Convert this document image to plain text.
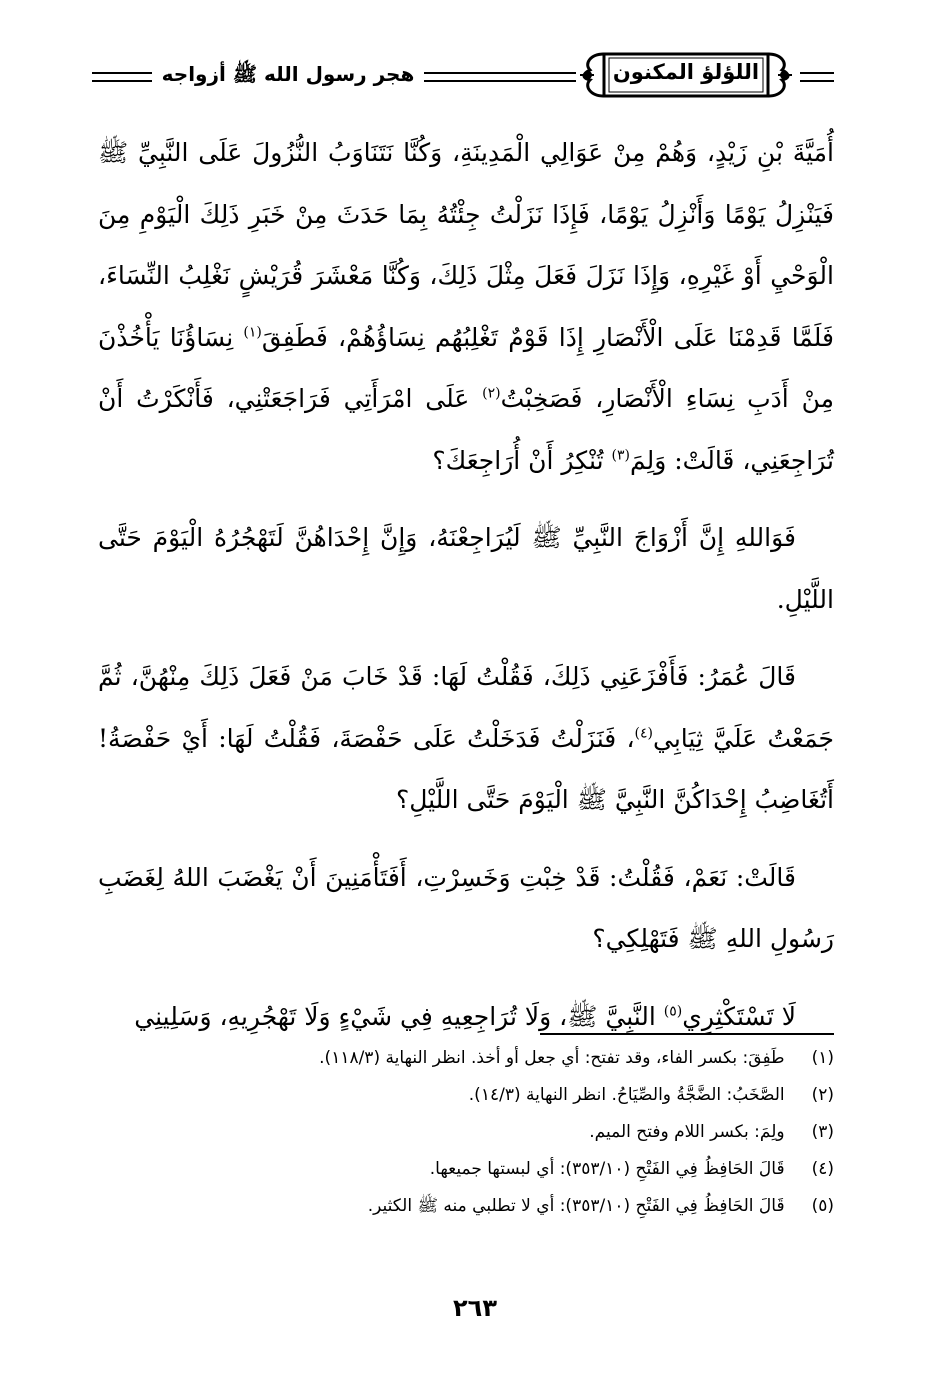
هجر رسول الله ﷺ أزواجه	اللؤلؤ المكنون

أُمَيَّةَ بْنِ زَيْدٍ، وَهُمْ مِنْ عَوَالِي الْمَدِينَةِ، وَكُنَّا نَتَنَاوَبُ النُّزُولَ عَلَى النَّبِيِّ ﷺ فَيَنْزِلُ يَوْمًا وَأَنْزِلُ يَوْمًا، فَإِذَا نَزَلْتُ جِئْتُهُ بِمَا حَدَثَ مِنْ خَبَرِ ذَلِكَ الْيَوْمِ مِنَ الْوَحْيِ أَوْ غَيْرِهِ، وَإِذَا نَزَلَ فَعَلَ مِثْلَ ذَلِكَ، وَكُنَّا مَعْشَرَ قُرَيْشٍ نَغْلِبُ النِّسَاءَ، فَلَمَّا قَدِمْنَا عَلَى الْأَنْصَارِ إِذَا قَوْمٌ تَغْلِبُهُم نِسَاؤُهُمْ، فَطَفِقَ$^{(١)}$ نِسَاؤُنَا يَأْخُذْنَ مِنْ أَدَبِ نِسَاءِ الْأَنْصَارِ، فَصَخِبْتُ$^{(٢)}$ عَلَى امْرَأَتِي فَرَاجَعَتْنِي، فَأَنْكَرْتُ أَنْ تُرَاجِعَنِي، قَالَتْ: وَلِمَ$^{(٣)}$ تُنْكِرُ أَنْ أُرَاجِعَكَ؟

فَوَاللهِ إِنَّ أَزْوَاجَ النَّبِيِّ ﷺ لَيُرَاجِعْنَهُ، وَإِنَّ إِحْدَاهُنَّ لَتَهْجُرُهُ الْيَوْمَ حَتَّى اللَّيْلِ.

قَالَ عُمَرُ: فَأَفْزَعَنِي ذَلِكَ، فَقُلْتُ لَهَا: قَدْ خَابَ مَنْ فَعَلَ ذَلِكَ مِنْهُنَّ، ثُمَّ جَمَعْتُ عَلَيَّ ثِيَابِي$^{(٤)}$، فَنَزَلْتُ فَدَخَلْتُ عَلَى حَفْصَةَ، فَقُلْتُ لَهَا: أَيْ حَفْصَةُ! أَتُغَاضِبُ إِحْدَاكُنَّ النَّبِيَّ ﷺ الْيَوْمَ حَتَّى اللَّيْلِ؟

قَالَتْ: نَعَمْ، فَقُلْتُ: قَدْ خِبْتِ وَخَسِرْتِ، أَفَتَأْمَنِينَ أَنْ يَغْضَبَ اللهُ لِغَضَبِ رَسُولِ اللهِ ﷺ فَتَهْلِكِي؟

لَا تَسْتَكْثِرِي$^{(٥)}$ النَّبِيَّ ﷺ، وَلَا تُرَاجِعِيهِ فِي شَيْءٍ وَلَا تَهْجُرِيهِ، وَسَلِينِي

(١) طَفِقَ: بكسر الفاء، وقد تفتح: أي جعل أو أخذ. انظر النهاية (١١٨/٣).
(٢) الصَّخَبُ: الضَّجَّةُ والصِّيَاحُ. انظر النهاية (١٤/٣).
(٣) ولِمَ: بكسر اللام وفتح الميم.
(٤) قَالَ الحَافِظُ فِي الفَتْحِ (٣٥٣/١٠): أي لبستها جميعها.
(٥) قَالَ الحَافِظُ فِي الفَتْحِ (٣٥٣/١٠): أي لا تطلبي منه ﷺ الكثير.
٢٦٣
